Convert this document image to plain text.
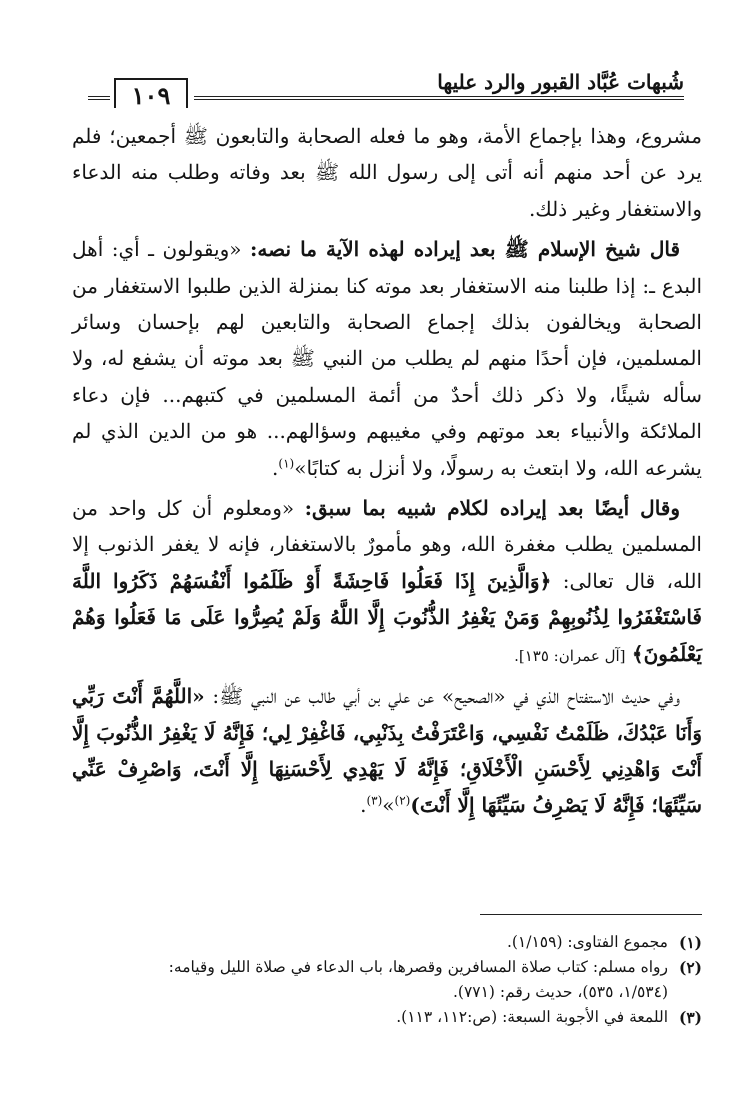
شُبهات عُبَّاد القبور والرد عليها
١٠٩

مشروع، وهذا بإجماع الأمة، وهو ما فعله الصحابة والتابعون ﷺ أجمعين؛ فلم يرد عن أحد منهم أنه أتى إلى رسول الله ﷺ بعد وفاته وطلب منه الدعاء والاستغفار وغير ذلك.

قال شيخ الإسلام ﷺ بعد إيراده لهذه الآية ما نصه: «ويقولون ـ أي: أهل البدع ـ: إذا طلبنا منه الاستغفار بعد موته كنا بمنزلة الذين طلبوا الاستغفار من الصحابة ويخالفون بذلك إجماع الصحابة والتابعين لهم بإحسان وسائر المسلمين، فإن أحدًا منهم لم يطلب من النبي ﷺ بعد موته أن يشفع له، ولا سأله شيئًا، ولا ذكر ذلك أحدٌ من أئمة المسلمين في كتبهم... فإن دعاء الملائكة والأنبياء بعد موتهم وفي مغيبهم وسؤالهم... هو من الدين الذي لم يشرعه الله، ولا ابتعث به رسولًا، ولا أنزل به كتابًا»$^{(١)}$.

وقال أيضًا بعد إيراده لكلام شبيه بما سبق: «ومعلوم أن كل واحد من المسلمين يطلب مغفرة الله، وهو مأمورٌ بالاستغفار، فإنه لا يغفر الذنوب إلا الله، قال تعالى: ﴿وَالَّذِينَ إِذَا فَعَلُوا فَاحِشَةً أَوْ ظَلَمُوا أَنْفُسَهُمْ ذَكَرُوا اللَّهَ فَاسْتَغْفَرُوا لِذُنُوبِهِمْ وَمَنْ يَغْفِرُ الذُّنُوبَ إِلَّا اللَّهُ وَلَمْ يُصِرُّوا عَلَى مَا فَعَلُوا وَهُمْ يَعْلَمُونَ﴾ [آل عمران: ١٣٥].

وفي حديث الاستفتاح الذي في «الصحيح» عن علي بن أبي طالب عن النبي ﷺ: «اللَّهُمَّ أَنْتَ رَبِّي وَأَنَا عَبْدُكَ، ظَلَمْتُ نَفْسِي، وَاعْتَرَفْتُ بِذَنْبِي، فَاغْفِرْ لِي؛ فَإِنَّهُ لَا يَغْفِرُ الذُّنُوبَ إِلَّا أَنْتَ وَاهْدِنِي لِأَحْسَنِ الْأَخْلَاقِ؛ فَإِنَّهُ لَا يَهْدِي لِأَحْسَنِهَا إِلَّا أَنْتَ، وَاصْرِفْ عَنِّي سَيِّئَهَا؛ فَإِنَّهُ لَا يَصْرِفُ سَيِّئَهَا إِلَّا أَنْتَ)$^{(٢)}$»$^{(٣)}$.

(١)
مجموع الفتاوى: (١/١٥٩).

(٢)
رواه مسلم: كتاب صلاة المسافرين وقصرها، باب الدعاء في صلاة الليل وقيامه:
(١/٥٣٤، ٥٣٥)، حديث رقم: (٧٧١).

(٣)
اللمعة في الأجوبة السبعة: (ص:١١٢، ١١٣).
